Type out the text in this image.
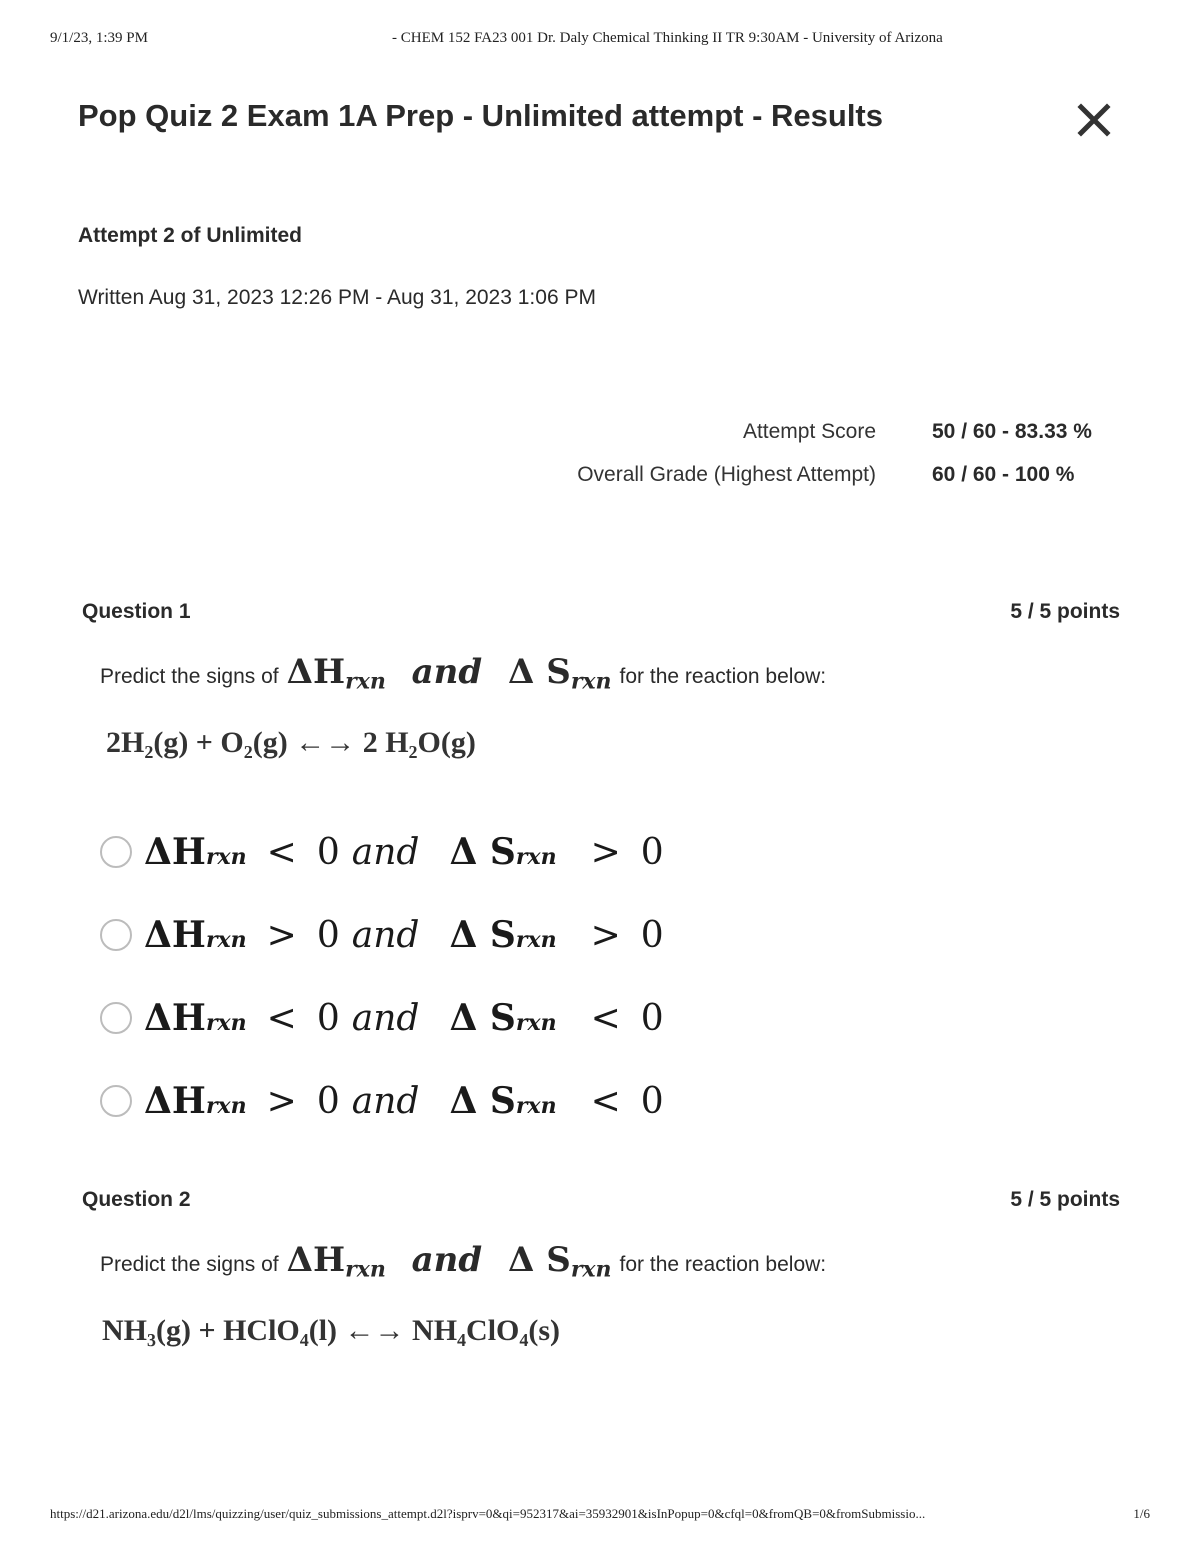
9/1/23, 1:39 PM	- CHEM 152 FA23 001 Dr. Daly Chemical Thinking II TR 9:30AM - University of Arizona
Pop Quiz 2 Exam 1A Prep - Unlimited attempt - Results
Attempt 2 of Unlimited
Written Aug 31, 2023 12:26 PM - Aug 31, 2023 1:06 PM
Attempt Score	50 / 60 - 83.33 %
Overall Grade (Highest Attempt)	60 / 60 - 100 %
Question 1	5 / 5 points
Predict the signs of $\Delta H_{rxn}$ and Δ $S_{rxn}$ for the reaction below:
2H₂(g) + O₂(g) ←→ 2 H₂O(g)
ΔH rxn < 0 and Δ S rxn > 0
ΔH rxn > 0 and Δ S rxn > 0
ΔH rxn < 0 and Δ S rxn < 0
ΔH rxn > 0 and Δ S rxn < 0
Question 2	5 / 5 points
Predict the signs of $\Delta H_{rxn}$ and Δ $S_{rxn}$ for the reaction below:
NH₃(g) + HClO₄(l) ←→ NH₄ClO₄(s)
https://d21.arizona.edu/d2l/lms/quizzing/user/quiz_submissions_attempt.d2l?isprv=0&qi=952317&ai=35932901&isInPopup=0&cfql=0&fromQB=0&fromSubmissio...	1/6
